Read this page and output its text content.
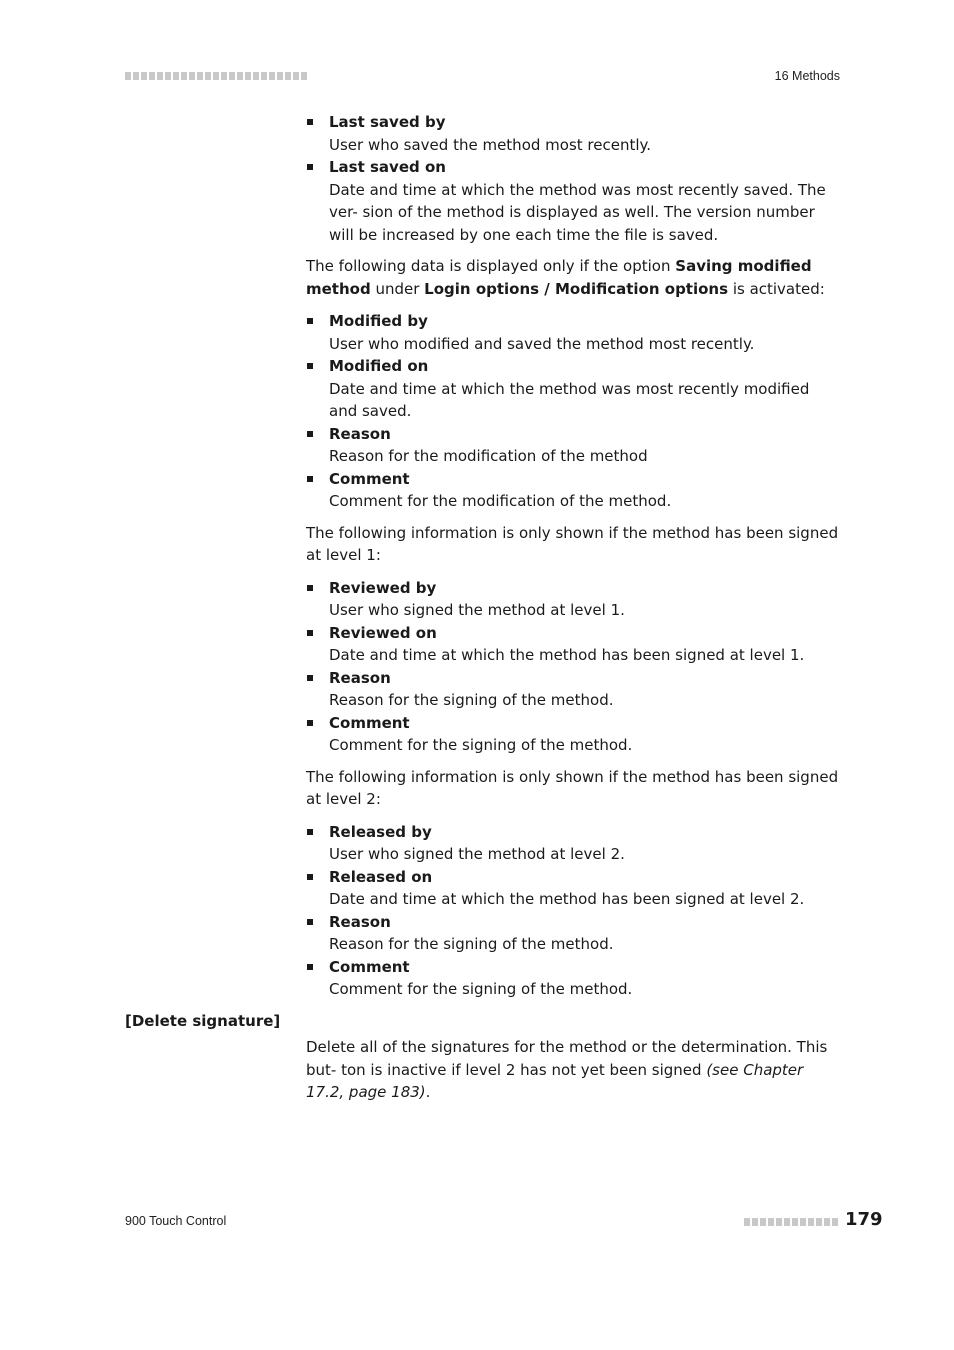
16 Methods
Last saved by
User who saved the method most recently.
Last saved on
Date and time at which the method was most recently saved. The ver- sion of the method is displayed as well. The version number will be increased by one each time the file is saved.

The following data is displayed only if the option Saving modified method under Login options / Modification options is activated:

Modified by
User who modified and saved the method most recently.
Modified on
Date and time at which the method was most recently modified and saved.
Reason
Reason for the modification of the method
Comment
Comment for the modification of the method.

The following information is only shown if the method has been signed at level 1:

Reviewed by
User who signed the method at level 1.
Reviewed on
Date and time at which the method has been signed at level 1.
Reason
Reason for the signing of the method.
Comment
Comment for the signing of the method.

The following information is only shown if the method has been signed at level 2:

Released by
User who signed the method at level 2.
Released on
Date and time at which the method has been signed at level 2.
Reason
Reason for the signing of the method.
Comment
Comment for the signing of the method.
[Delete signature]

Delete all of the signatures for the method or the determination. This but- ton is inactive if level 2 has not yet been signed (see Chapter 17.2, page 183).

900 Touch Control	179
